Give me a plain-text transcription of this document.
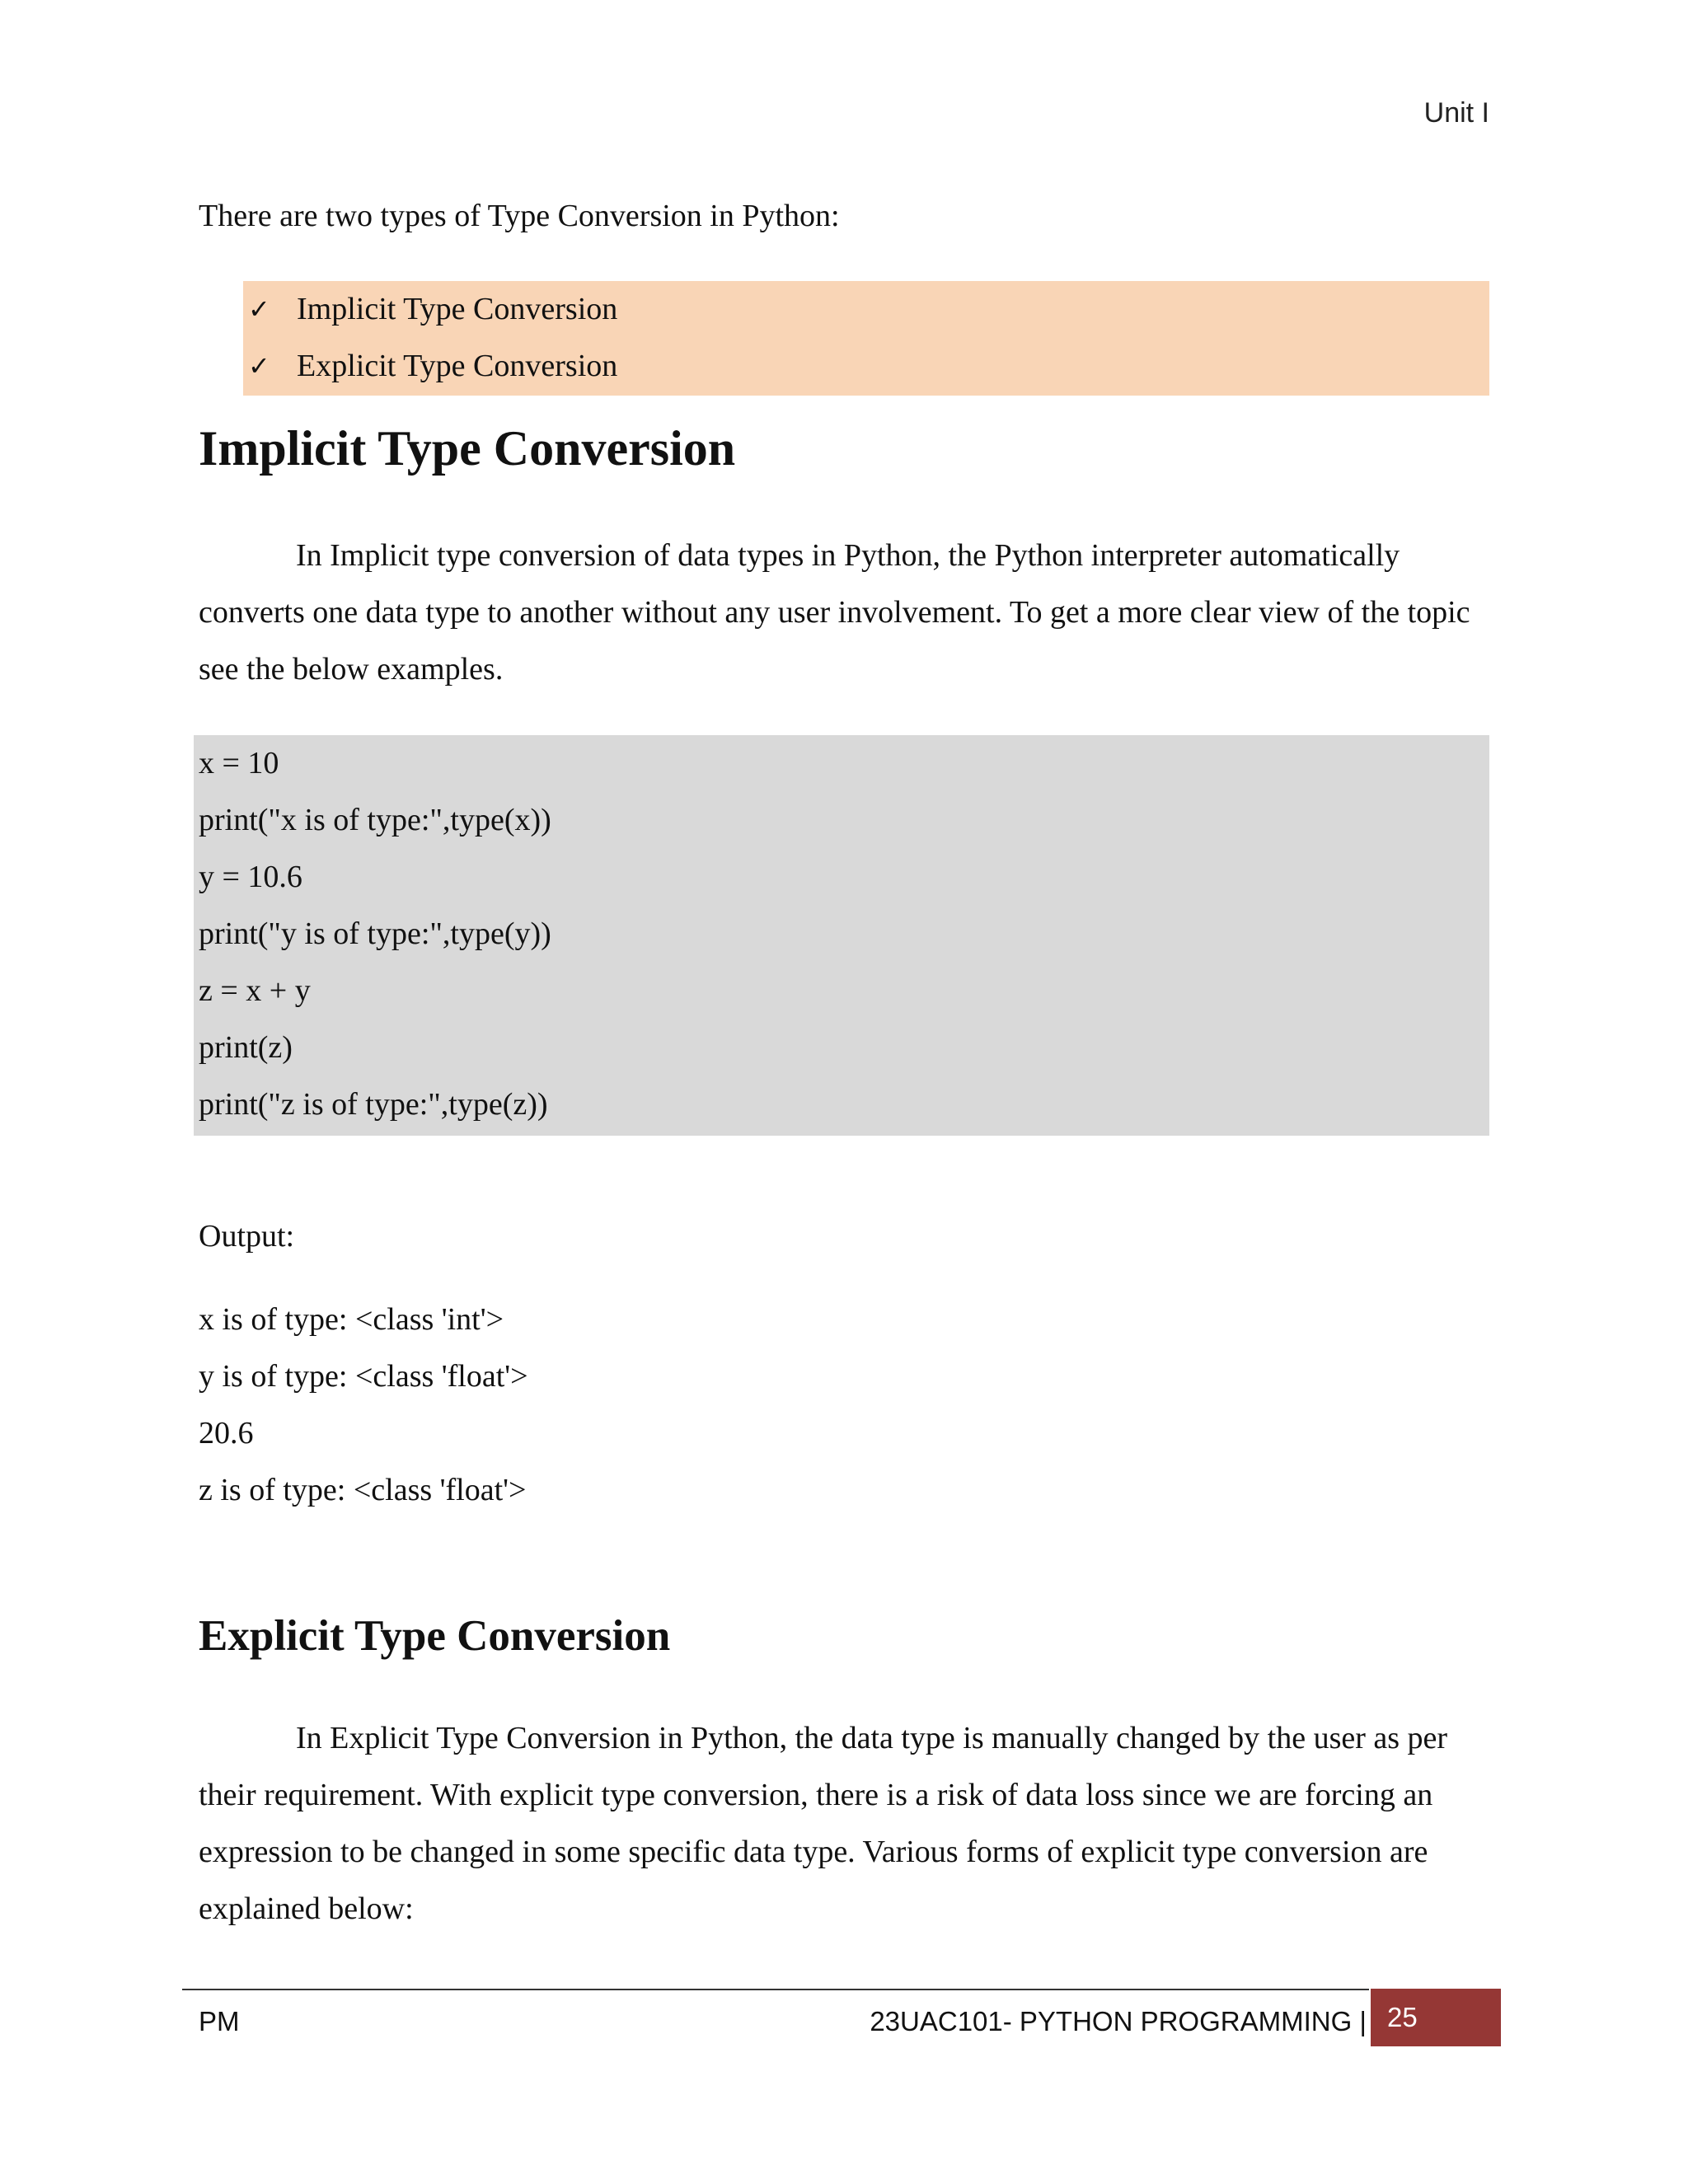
Unit I
There are two types of Type Conversion in Python:
✓ Implicit Type Conversion
✓ Explicit Type Conversion
Implicit Type Conversion
In Implicit type conversion of data types in Python, the Python interpreter automatically converts one data type to another without any user involvement. To get a more clear view of the topic see the below examples.
x = 10
print("x is of type:",type(x))
y = 10.6
print("y is of type:",type(y))
z = x + y
print(z)
print("z is of type:",type(z))
Output:
x is of type: <class 'int'>
y is of type: <class 'float'>
20.6
z is of type: <class 'float'>
Explicit Type Conversion
In Explicit Type Conversion in Python, the data type is manually changed by the user as per their requirement. With explicit type conversion, there is a risk of data loss since we are forcing an expression to be changed in some specific data type. Various forms of explicit type conversion are explained below:
PM	23UAC101- PYTHON PROGRAMMING | 25
